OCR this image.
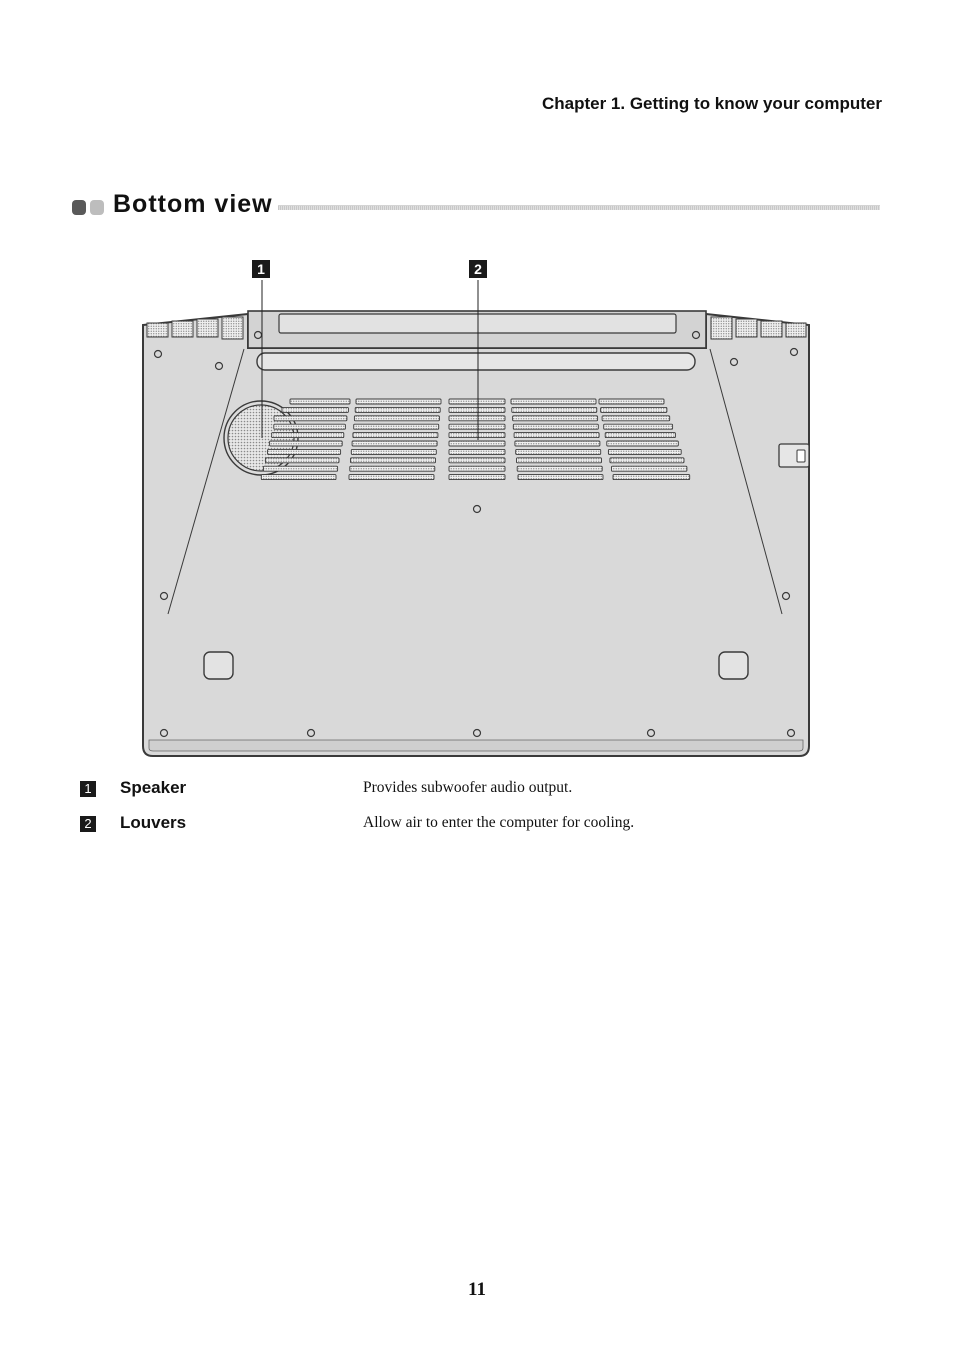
Chapter 1. Getting to know your computer
Bottom view
1	2
1 Speaker	Provides subwoofer audio output.
2 Louvers	Allow air to enter the computer for cooling.
11
